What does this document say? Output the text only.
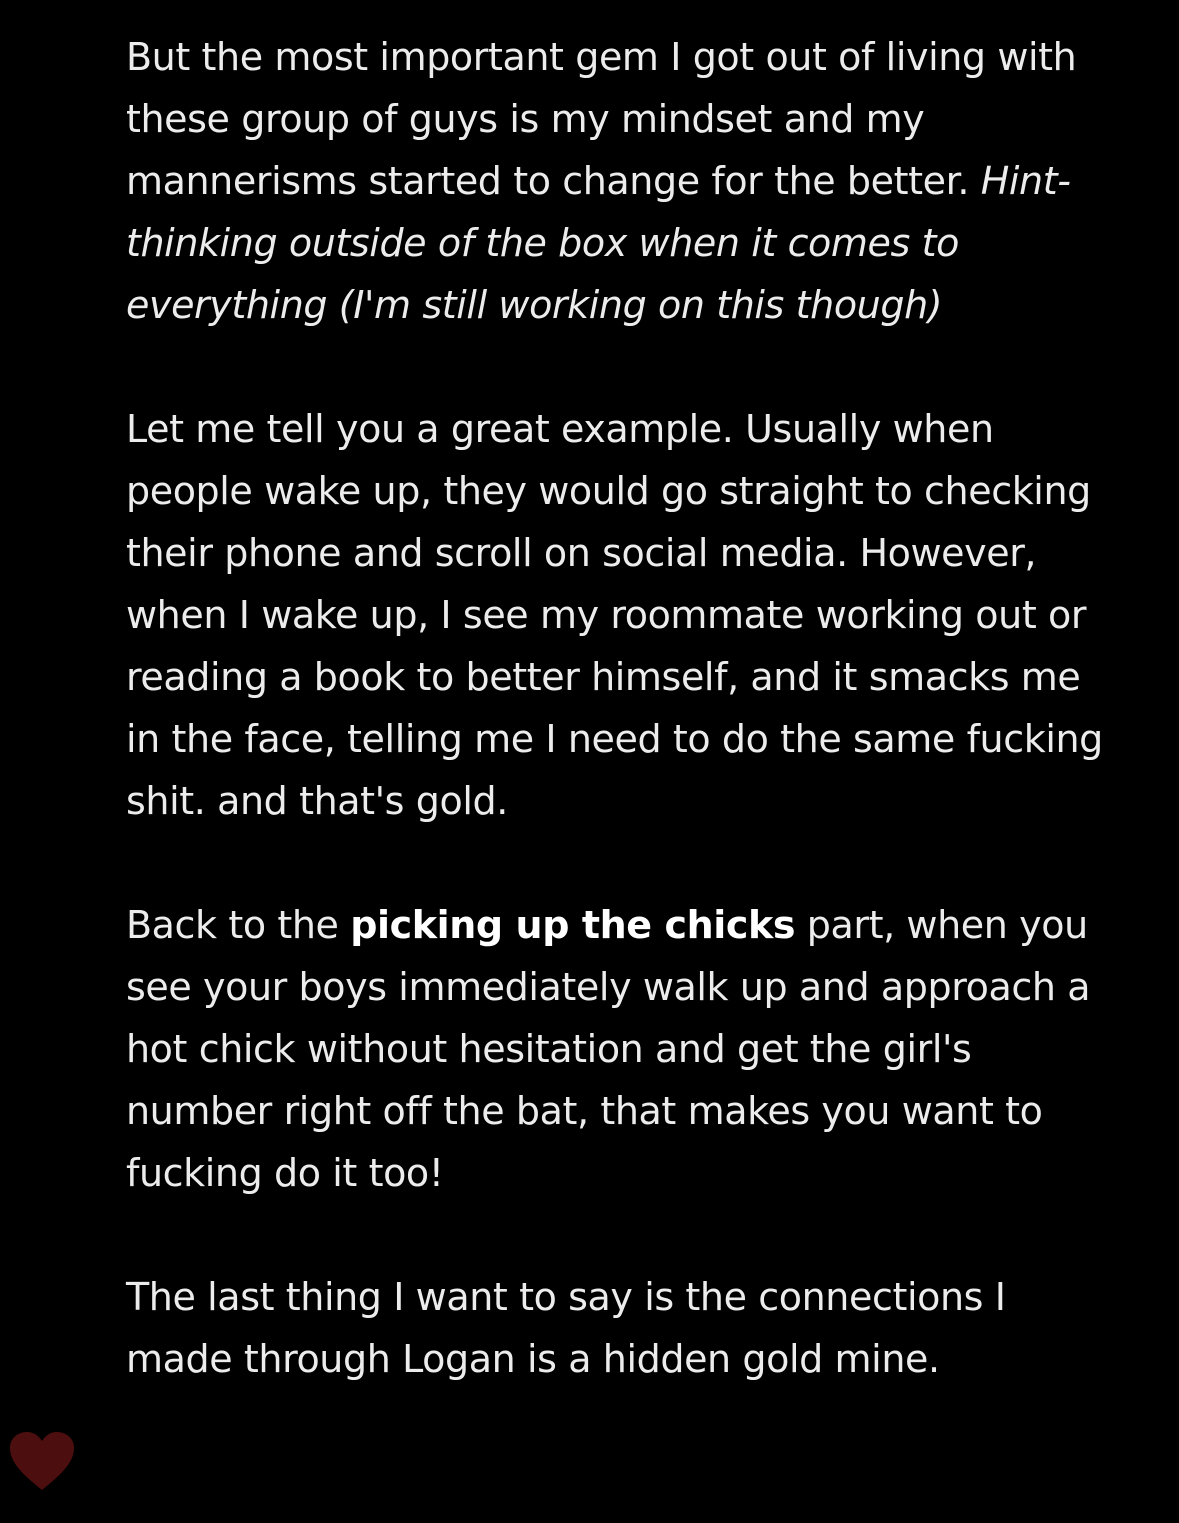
But the most important gem I got out of living with these group of guys is my mindset and my mannerisms started to change for the better. Hint- thinking outside of the box when it comes to everything (I'm still working on this though)

Let me tell you a great example. Usually when people wake up, they would go straight to checking their phone and scroll on social media. However, when I wake up, I see my roommate working out or reading a book to better himself, and it smacks me in the face, telling me I need to do the same fucking shit. and that's gold.

Back to the picking up the chicks part, when you see your boys immediately walk up and approach a hot chick without hesitation and get the girl's number right off the bat, that makes you want to fucking do it too!

The last thing I want to say is the connections I made through Logan is a hidden gold mine.
